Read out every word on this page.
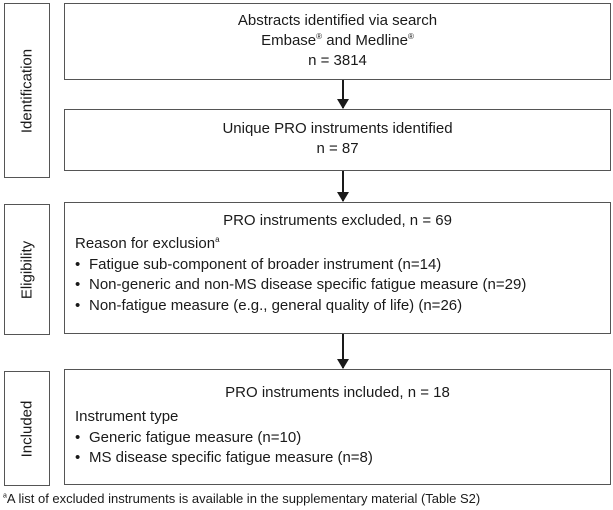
Identification
Eligibility
Included
Abstracts identified via search
Embase® and Medline®
n = 3814
Unique PRO instruments identified
n = 87
PRO instruments excluded, n = 69
Reason for exclusion$^a$
• Fatigue sub-component of broader instrument (n=14)
• Non-generic and non-MS disease specific fatigue measure (n=29)
• Non-fatigue measure (e.g., general quality of life) (n=26)
PRO instruments included, n = 18
Instrument type
• Generic fatigue measure (n=10)
• MS disease specific fatigue measure (n=8)
$^a$A list of excluded instruments is available in the supplementary material (Table S2)
